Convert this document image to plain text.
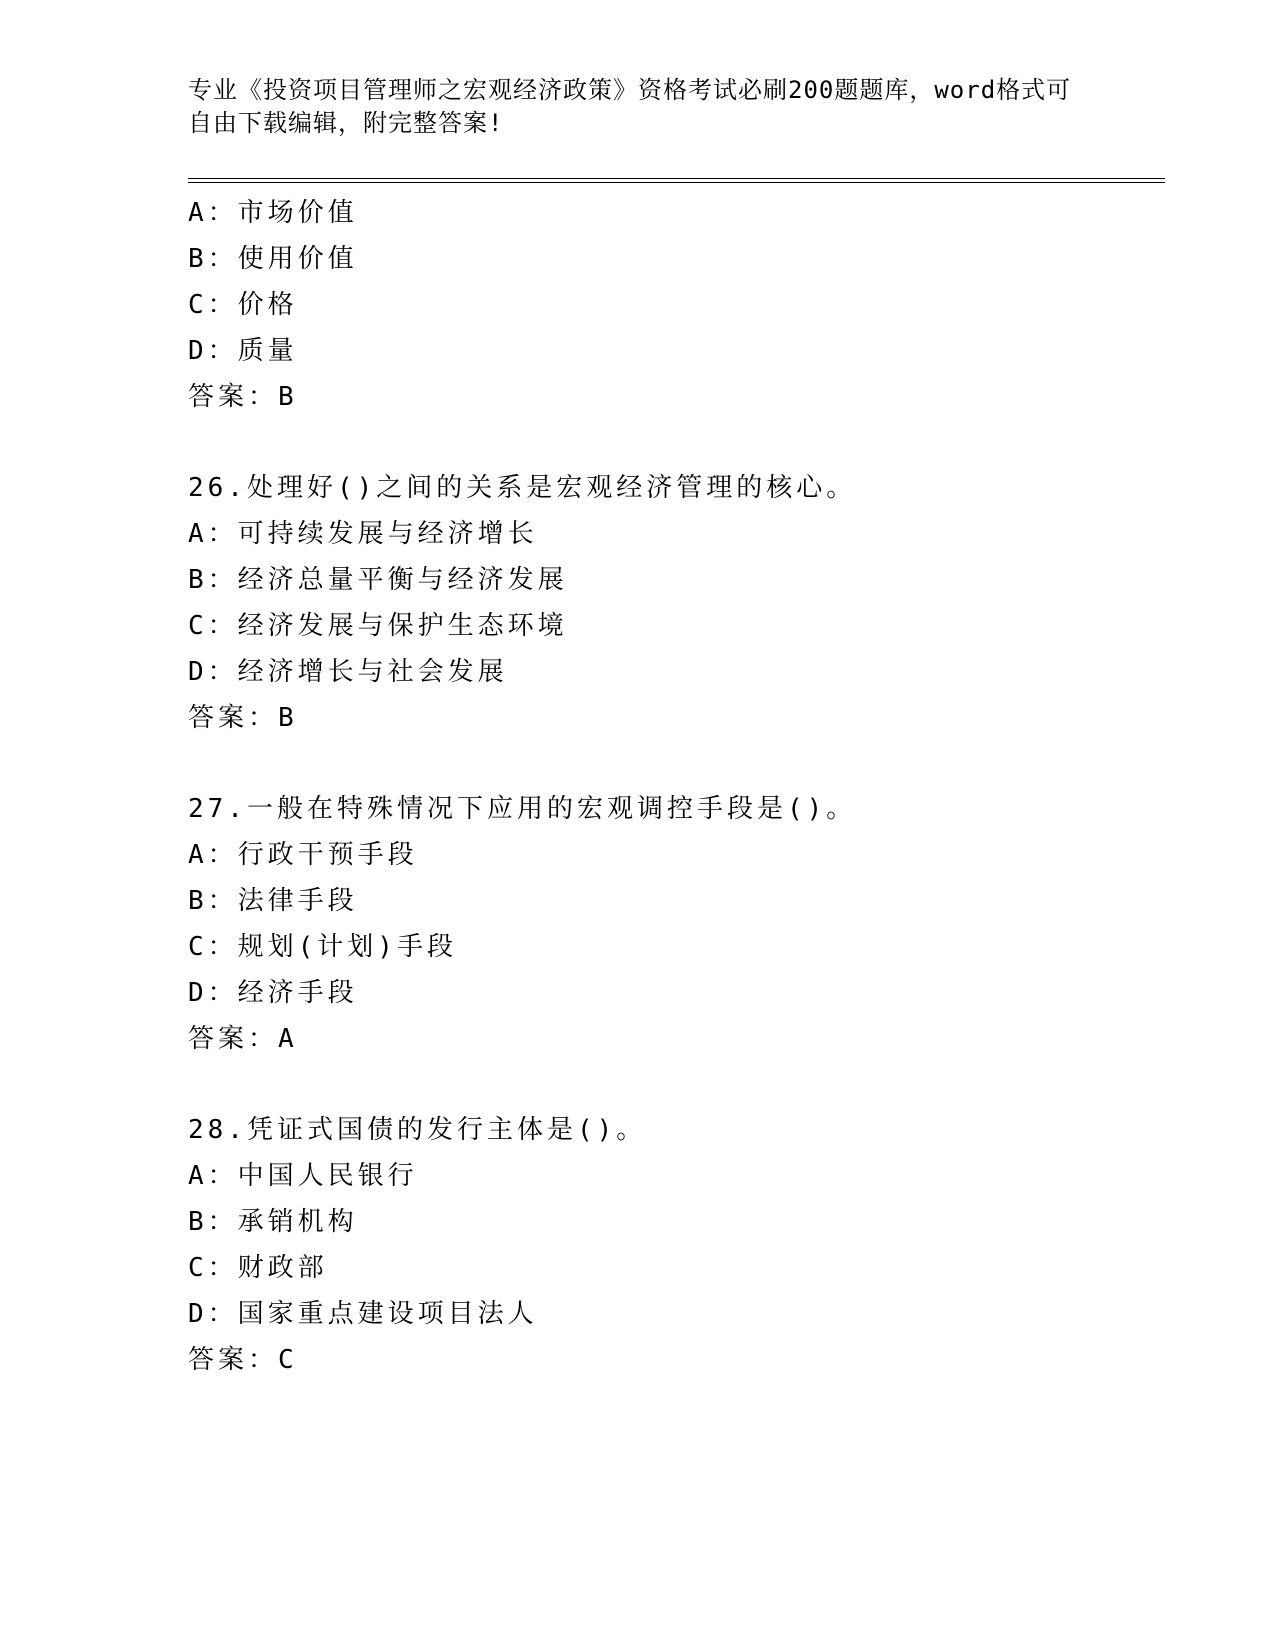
专业《投资项目管理师之宏观经济政策》资格考试必刷200题题库，word格式可
自由下载编辑，附完整答案!
A：市场价值
B：使用价值
C：价格
D：质量
答案：B
26.处理好()之间的关系是宏观经济管理的核心。
A：可持续发展与经济增长
B：经济总量平衡与经济发展
C：经济发展与保护生态环境
D：经济增长与社会发展
答案：B
27.一般在特殊情况下应用的宏观调控手段是()。
A：行政干预手段
B：法律手段
C：规划(计划)手段
D：经济手段
答案：A
28.凭证式国债的发行主体是()。
A：中国人民银行
B：承销机构
C：财政部
D：国家重点建设项目法人
答案：C
